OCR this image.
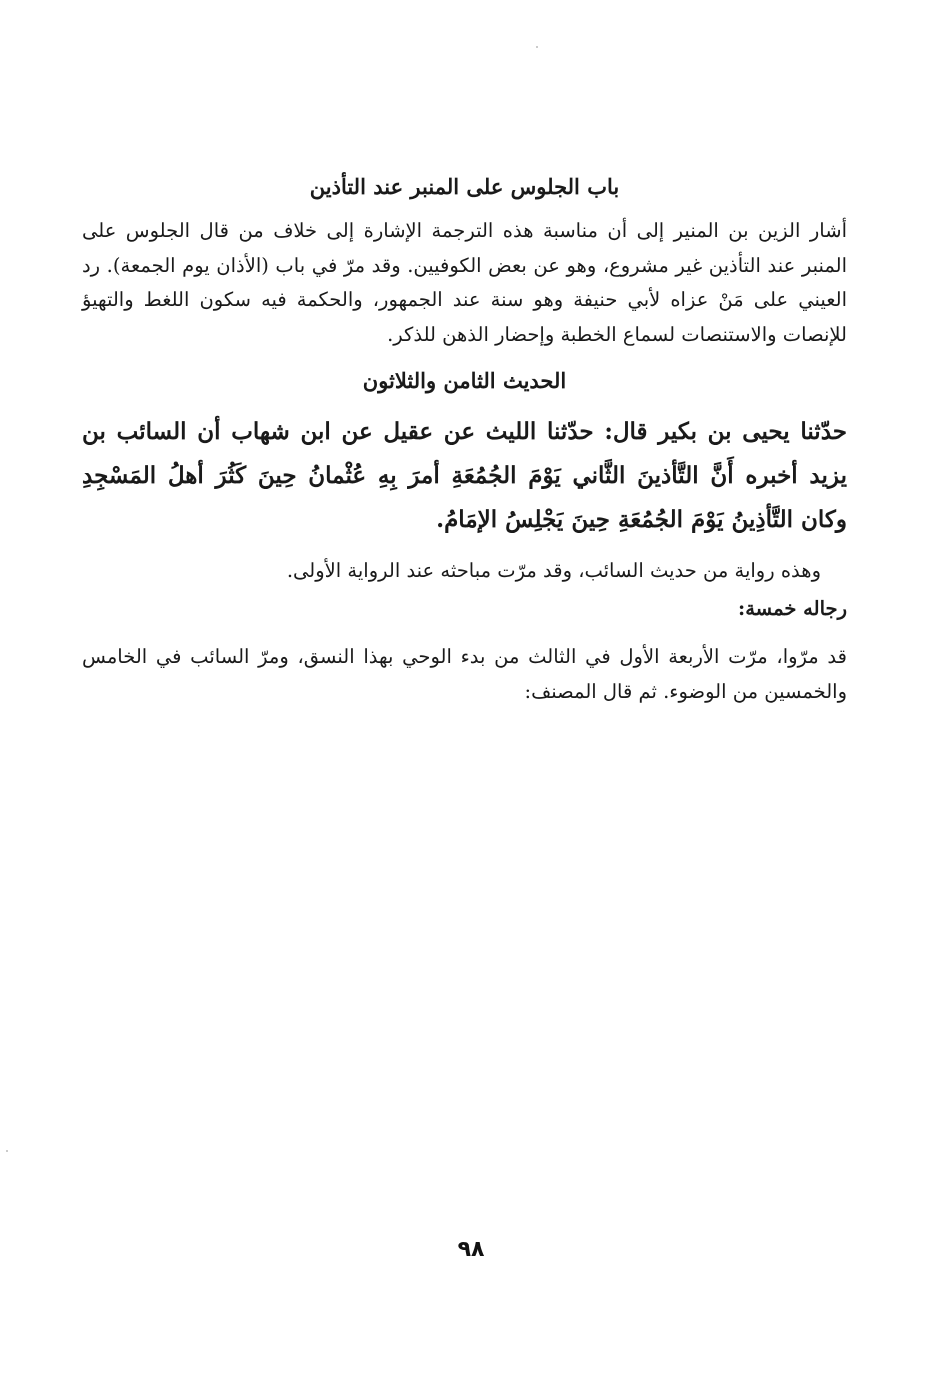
باب الجلوس على المنبر عند التأذين

أشار الزين بن المنير إلى أن مناسبة هذه الترجمة الإشارة إلى خلاف من قال الجلوس على المنبر عند التأذين غير مشروع، وهو عن بعض الكوفيين. وقد مرّ في باب (الأذان يوم الجمعة). رد العيني على مَنْ عزاه لأبي حنيفة وهو سنة عند الجمهور، والحكمة فيه سكون اللغط والتهيؤ للإنصات والاستنصات لسماع الخطبة وإحضار الذهن للذكر.

الحديث الثامن والثلاثون

حدّثنا يحيى بن بكير قال: حدّثنا الليث عن عقيل عن ابن شهاب أن السائب بن يزيد أخبره أَنَّ التَّأذينَ الثَّاني يَوْمَ الجُمُعَةِ أمرَ بِهِ عُثْمانُ حِينَ كَثُرَ أهلُ المَسْجِدِ وكان التَّأذِينُ يَوْمَ الجُمُعَةِ حِينَ يَجْلِسُ الإمَامُ.

وهذه رواية من حديث السائب، وقد مرّت مباحثه عند الرواية الأولى.

رجاله خمسة:

قد مرّوا، مرّت الأربعة الأول في الثالث من بدء الوحي بهذا النسق، ومرّ السائب في الخامس والخمسين من الوضوء. ثم قال المصنف:

٩٨
